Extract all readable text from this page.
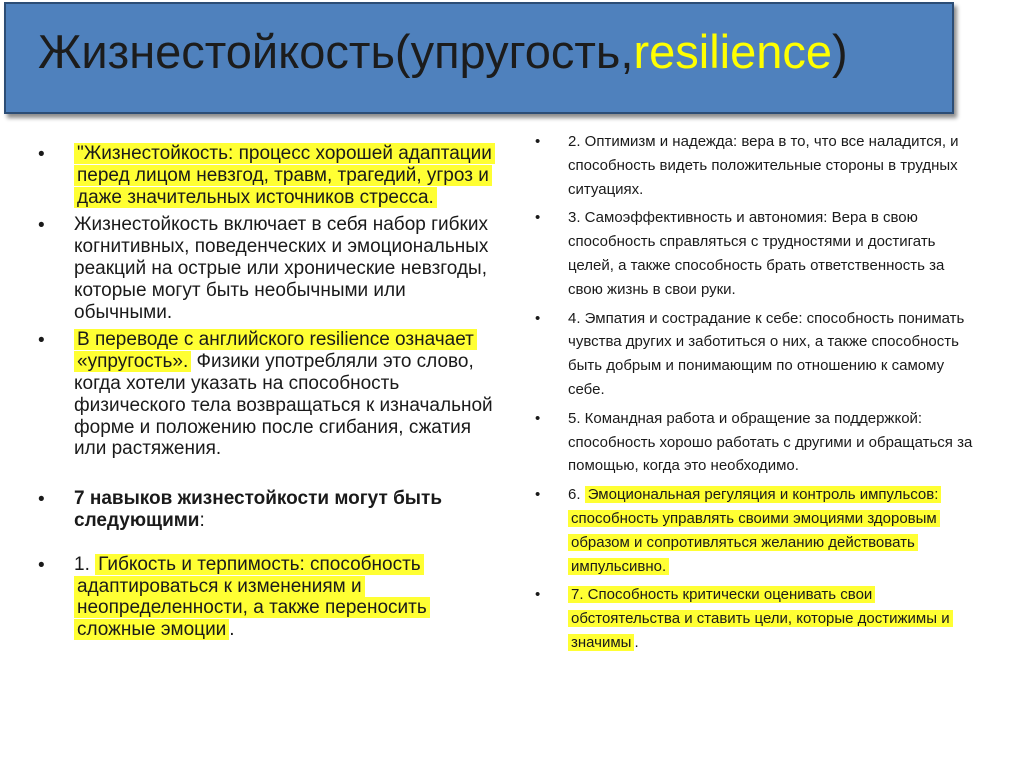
Жизнестойкость(упругость,resilience)
• "Жизнестойкость: процесс хорошей адаптации перед лицом невзгод, травм, трагедий, угроз и даже значительных источников стресса.
• Жизнестойкость включает в себя набор гибких когнитивных, поведенческих и эмоциональных реакций на острые или хронические невзгоды, которые могут быть необычными или обычными.
• В переводе с английского resilience означает «упругость». Физики употребляли это слово, когда хотели указать на способность физического тела возвращаться к изначальной форме и положению после сгибания, сжатия или растяжения.
• 7 навыков жизнестойкости могут быть следующими:
• 1. Гибкость и терпимость: способность адаптироваться к изменениям и неопределенности, а также переносить сложные эмоции .
• 2. Оптимизм и надежда: вера в то, что все наладится, и способность видеть положительные стороны в трудных ситуациях.
• 3. Самоэффективность и автономия: Вера в свою способность справляться с трудностями и достигать целей, а также способность брать ответственность за свою жизнь в свои руки.
• 4. Эмпатия и сострадание к себе: способность понимать чувства других и заботиться о них, а также способность быть добрым и понимающим по отношению к самому себе.
• 5. Командная работа и обращение за поддержкой: способность хорошо работать с другими и обращаться за помощью, когда это необходимо.
• 6. Эмоциональная регуляция и контроль импульсов: способность управлять своими эмоциями здоровым образом и сопротивляться желанию действовать импульсивно.
• 7. Способность критически оценивать свои обстоятельства и ставить цели, которые достижимы и значимы .
